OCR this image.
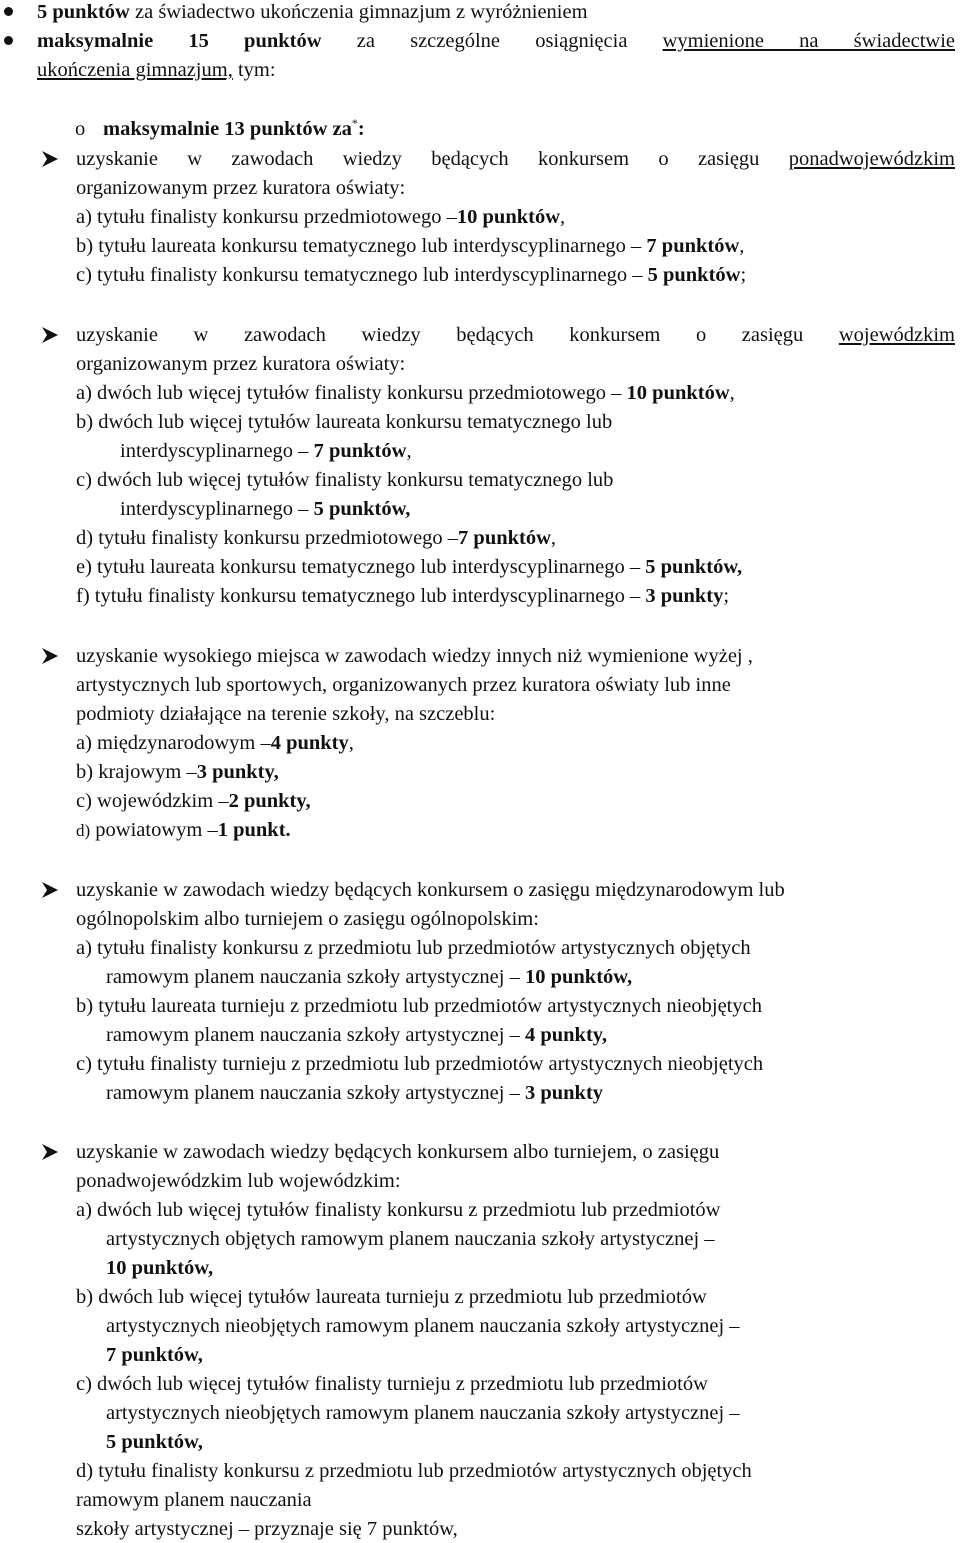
5 punktów za świadectwo ukończenia gimnazjum z wyróżnieniem
maksymalnie 15 punktów za szczególne osiągnięcia wymienione na świadectwie
ukończenia gimnazjum, tym:
o maksymalnie 13 punktów za*:
uzyskanie w zawodach wiedzy będących konkursem o zasięgu ponadwojewódzkim
organizowanym przez kuratora oświaty:
a) tytułu finalisty konkursu przedmiotowego –10 punktów,
b) tytułu laureata konkursu tematycznego lub interdyscyplinarnego – 7 punktów,
c) tytułu finalisty konkursu tematycznego lub interdyscyplinarnego – 5 punktów;
uzyskanie w zawodach wiedzy będących konkursem o zasięgu wojewódzkim
organizowanym przez kuratora oświaty:
a) dwóch lub więcej tytułów finalisty konkursu przedmiotowego – 10 punktów,
b) dwóch lub więcej tytułów laureata konkursu tematycznego lub
interdyscyplinarnego – 7 punktów,
c) dwóch lub więcej tytułów finalisty konkursu tematycznego lub
interdyscyplinarnego – 5 punktów,
d) tytułu finalisty konkursu przedmiotowego –7 punktów,
e) tytułu laureata konkursu tematycznego lub interdyscyplinarnego – 5 punktów,
f) tytułu finalisty konkursu tematycznego lub interdyscyplinarnego – 3 punkty;
uzyskanie wysokiego miejsca w zawodach wiedzy innych niż wymienione wyżej ,
artystycznych lub sportowych, organizowanych przez kuratora oświaty lub inne
podmioty działające na terenie szkoły, na szczeblu:
a) międzynarodowym –4 punkty,
b) krajowym –3 punkty,
c) wojewódzkim –2 punkty,
d) powiatowym –1 punkt.
uzyskanie w zawodach wiedzy będących konkursem o zasięgu międzynarodowym lub
ogólnopolskim albo turniejem o zasięgu ogólnopolskim:
a) tytułu finalisty konkursu z przedmiotu lub przedmiotów artystycznych objętych
ramowym planem nauczania szkoły artystycznej – 10 punktów,
b) tytułu laureata turnieju z przedmiotu lub przedmiotów artystycznych nieobjętych
ramowym planem nauczania szkoły artystycznej – 4 punkty,
c) tytułu finalisty turnieju z przedmiotu lub przedmiotów artystycznych nieobjętych
ramowym planem nauczania szkoły artystycznej – 3 punkty
uzyskanie w zawodach wiedzy będących konkursem albo turniejem, o zasięgu
ponadwojewódzkim lub wojewódzkim:
a) dwóch lub więcej tytułów finalisty konkursu z przedmiotu lub przedmiotów
artystycznych objętych ramowym planem nauczania szkoły artystycznej –
10 punktów,
b) dwóch lub więcej tytułów laureata turnieju z przedmiotu lub przedmiotów
artystycznych nieobjętych ramowym planem nauczania szkoły artystycznej –
7 punktów,
c) dwóch lub więcej tytułów finalisty turnieju z przedmiotu lub przedmiotów
artystycznych nieobjętych ramowym planem nauczania szkoły artystycznej –
5 punktów,
d) tytułu finalisty konkursu z przedmiotu lub przedmiotów artystycznych objętych
ramowym planem nauczania
szkoły artystycznej – przyznaje się 7 punktów,
